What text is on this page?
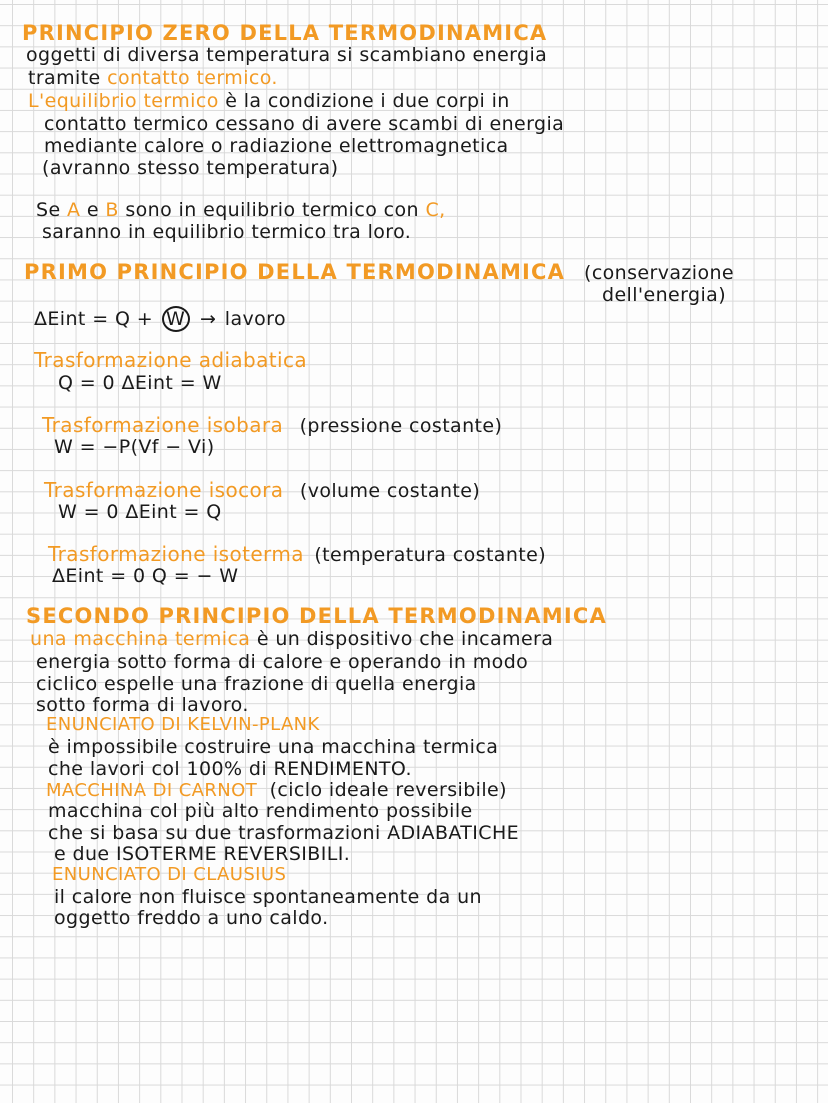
PRINCIPIO ZERO DELLA TERMODINAMICA
oggetti di diversa temperatura si scambiano energia
tramite contatto termico.
L'equilibrio termico è la condizione i due corpi in
contatto termico cessano di avere scambi di energia
mediante calore o radiazione elettromagnetica
(avranno stesso temperatura)
Se A e B sono in equilibrio termico con C,
saranno in equilibrio termico tra loro.
PRIMO PRINCIPIO DELLA TERMODINAMICA (conservazione
dell'energia)
ΔEint = Q + W → lavoro
Trasformazione adiabatica
Q = 0 ΔEint = W
Trasformazione isobara (pressione costante)
W = −P(Vf − Vi)
Trasformazione isocora (volume costante)
W = 0 ΔEint = Q
Trasformazione isoterma (temperatura costante)
ΔEint = 0 Q = − W
SECONDO PRINCIPIO DELLA TERMODINAMICA
una macchina termica è un dispositivo che incamera
energia sotto forma di calore e operando in modo
ciclico espelle una frazione di quella energia
sotto forma di lavoro.
ENUNCIATO DI KELVIN-PLANK
è impossibile costruire una macchina termica
che lavori col 100% di RENDIMENTO.
MACCHINA DI CARNOT (ciclo ideale reversibile)
macchina col più alto rendimento possibile
che si basa su due trasformazioni ADIABATICHE
e due ISOTERME REVERSIBILI.
ENUNCIATO DI CLAUSIUS
il calore non fluisce spontaneamente da un
oggetto freddo a uno caldo.
